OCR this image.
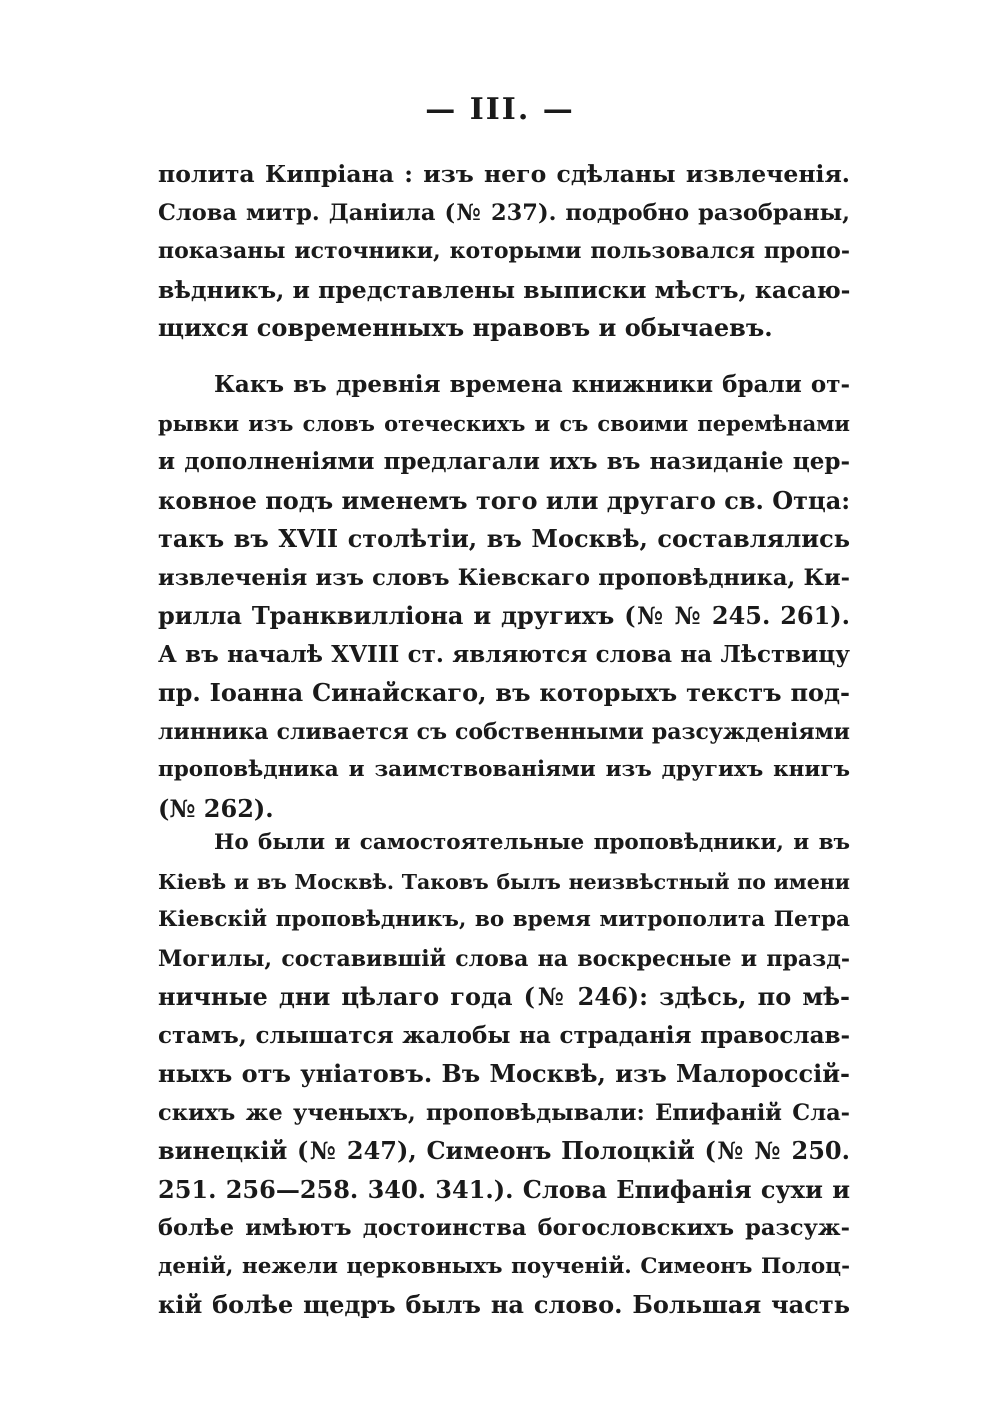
— III. —
полита Кипріана : изъ него сдѣланы извлеченія.
Слова митр. Даніила (№ 237). подробно разобраны,
показаны источники, которыми пользовался пропо-
вѣдникъ, и представлены выписки мѣстъ, касаю-
щихся современныхъ нравовъ и обычаевъ.
Какъ въ древнія времена книжники брали от-
рывки изъ словъ отеческихъ и съ своими перемѣнами
и дополненіями предлагали ихъ въ назиданіе цер-
ковное подъ именемъ того или другаго св. Отца:
такъ въ XVII столѣтіи, въ Москвѣ, составлялись
извлеченія изъ словъ Кіевскаго проповѣдника, Ки-
рилла Транквилліона и другихъ (№ № 245. 261).
А въ началѣ XVIII ст. являются слова на Лѣствицу
пр. Іоанна Синайскаго, въ которыхъ текстъ под-
линника сливается съ собственными разсужденіями
проповѣдника и заимствованіями изъ другихъ книгъ
(№ 262).
Но были и самостоятельные проповѣдники, и въ
Кіевѣ и въ Москвѣ. Таковъ былъ неизвѣстный по имени
Кіевскій проповѣдникъ, во время митрополита Петра
Могилы, составившій слова на воскресные и празд-
ничные дни цѣлаго года (№ 246): здѣсь, по мѣ-
стамъ, слышатся жалобы на страданія православ-
ныхъ отъ уніатовъ. Въ Москвѣ, изъ Малороссій-
скихъ же ученыхъ, проповѣдывали: Епифаній Сла-
винецкій (№ 247), Симеонъ Полоцкій (№ № 250.
251. 256—258. 340. 341.). Слова Епифанія сухи и
болѣе имѣютъ достоинства богословскихъ разсуж-
деній, нежели церковныхъ поученій. Симеонъ Полоц-
кій болѣе щедръ былъ на слово. Большая часть
